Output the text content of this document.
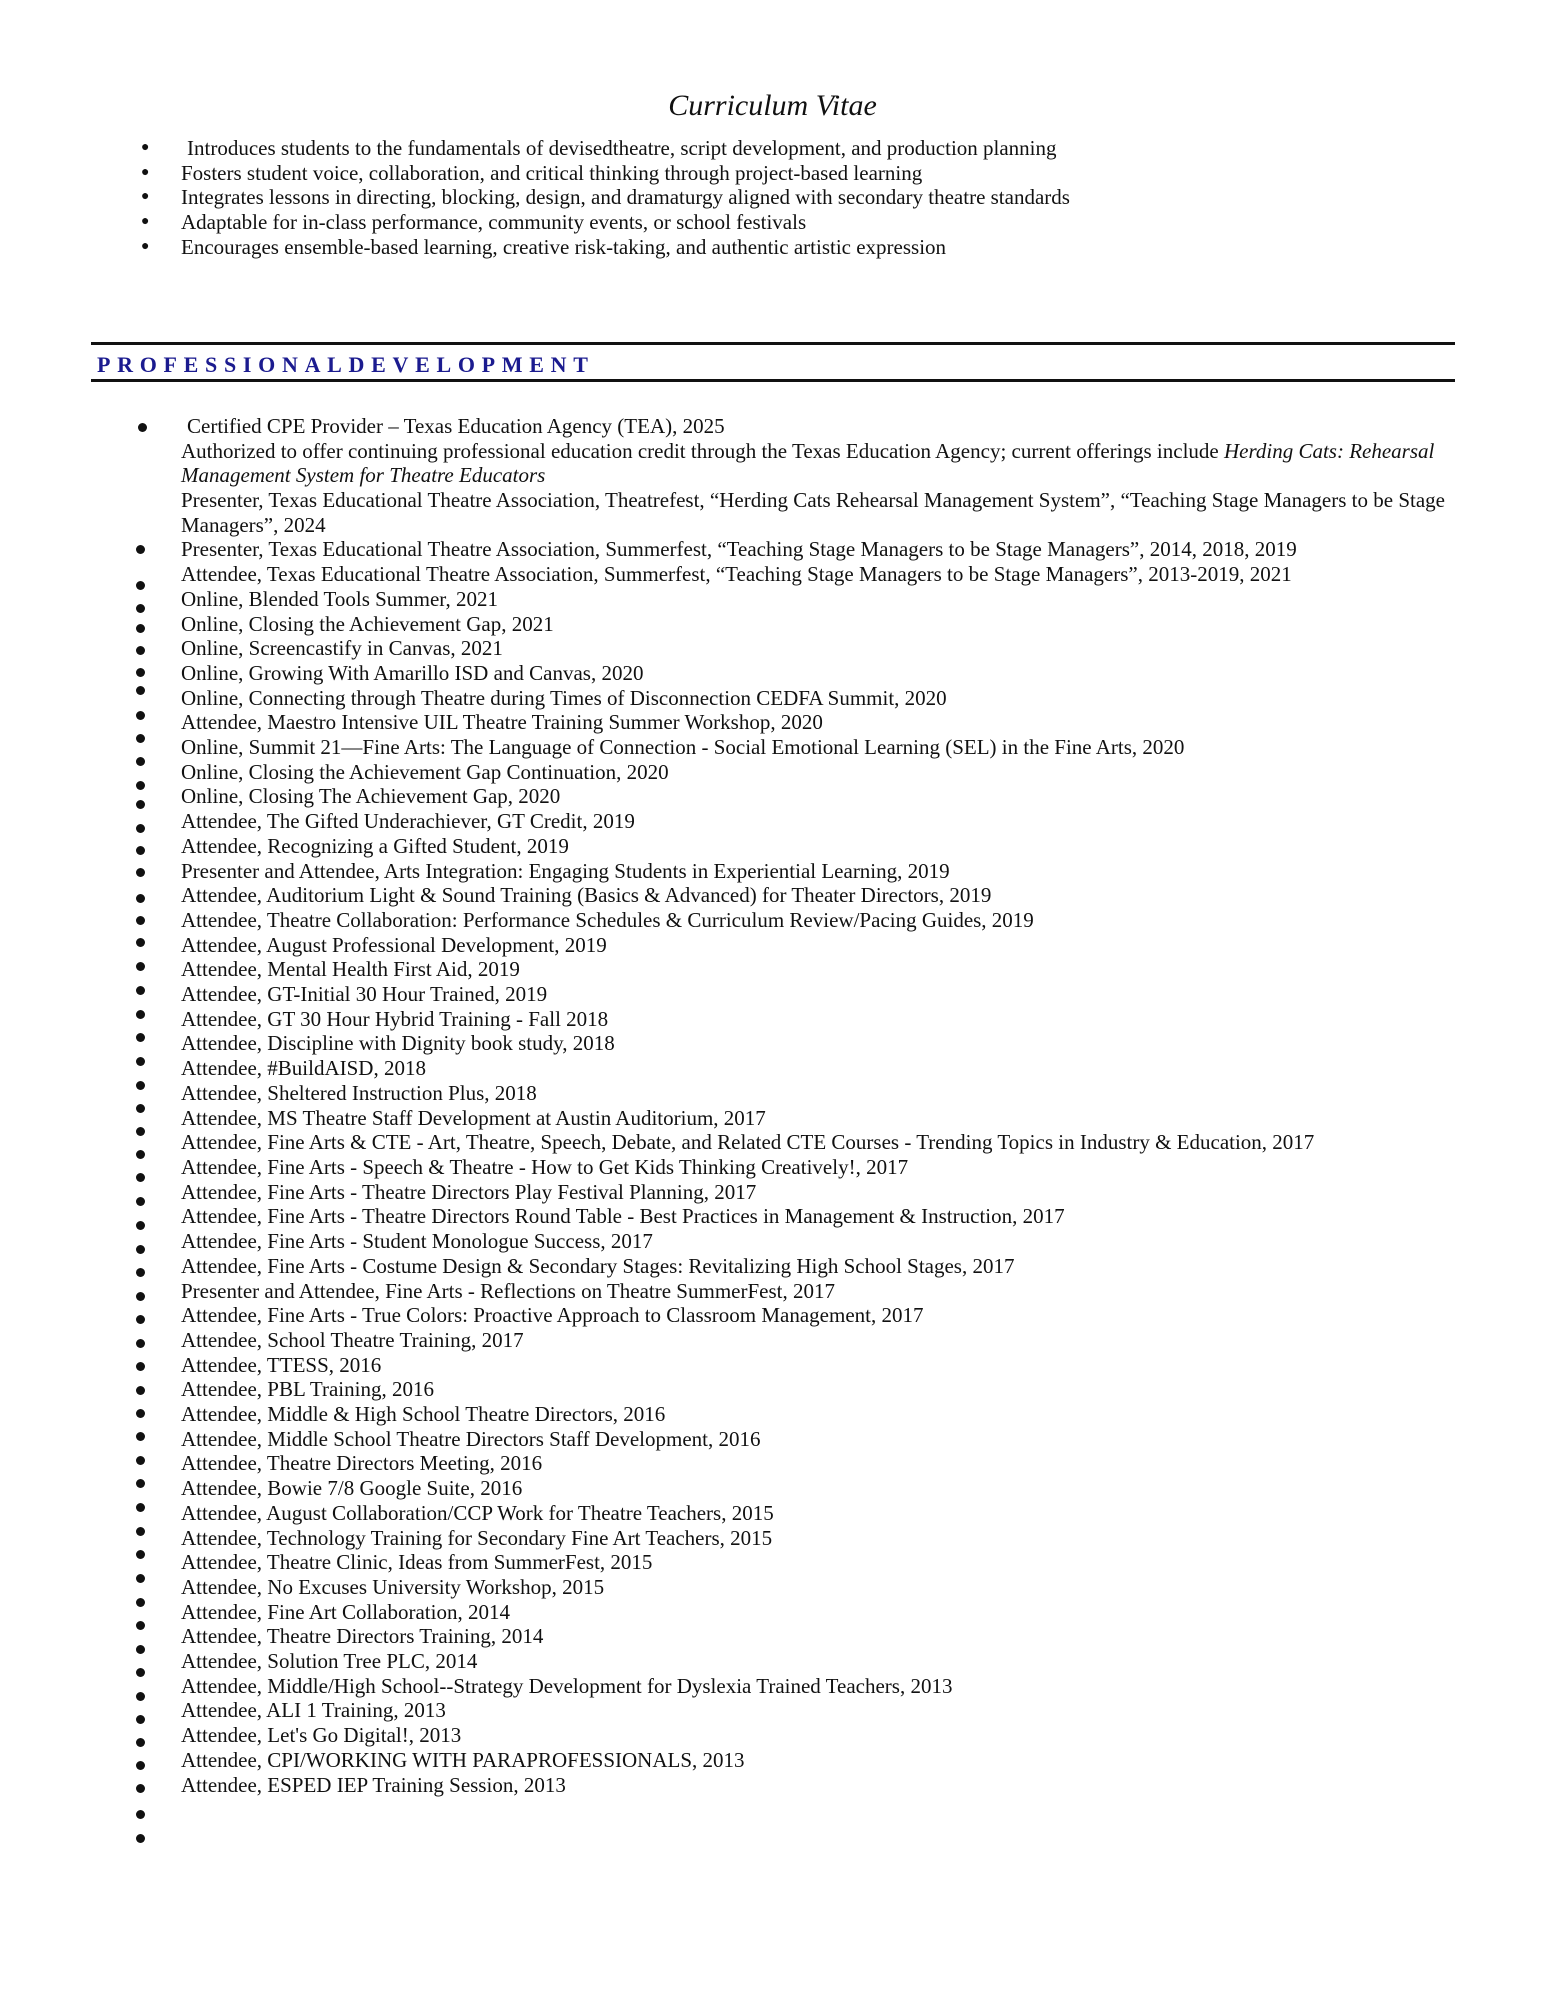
Curriculum Vitae
● Introduces students to the fundamentals of devisedtheatre, script development, and production planning
● Fosters student voice, collaboration, and critical thinking through project-based learning
● Integrates lessons in directing, blocking, design, and dramaturgy aligned with secondary theatre standards
● Adaptable for in-class performance, community events, or school festivals
● Encourages ensemble-based learning, creative risk-taking, and authentic artistic expression
PROFESSIONALDEVELOPMENT
Certified CPE Provider – Texas Education Agency (TEA), 2025
Authorized to offer continuing professional education credit through the Texas Education Agency; current offerings include Herding Cats: Rehearsal Management System for Theatre Educators
Presenter, Texas Educational Theatre Association, Theatrefest, “Herding Cats Rehearsal Management System”, “Teaching Stage Managers to be Stage Managers”, 2024
Presenter, Texas Educational Theatre Association, Summerfest, “Teaching Stage Managers to be Stage Managers”, 2014, 2018, 2019
Attendee, Texas Educational Theatre Association, Summerfest, “Teaching Stage Managers to be Stage Managers”, 2013-2019, 2021
Online, Blended Tools Summer, 2021
Online, Closing the Achievement Gap, 2021
Online, Screencastify in Canvas, 2021
Online, Growing With Amarillo ISD and Canvas, 2020
Online, Connecting through Theatre during Times of Disconnection CEDFA Summit, 2020
Attendee, Maestro Intensive UIL Theatre Training Summer Workshop, 2020
Online, Summit 21—Fine Arts: The Language of Connection - Social Emotional Learning (SEL) in the Fine Arts, 2020
Online, Closing the Achievement Gap Continuation, 2020
Online, Closing The Achievement Gap, 2020
Attendee, The Gifted Underachiever, GT Credit, 2019
Attendee, Recognizing a Gifted Student, 2019
Presenter and Attendee, Arts Integration: Engaging Students in Experiential Learning, 2019
Attendee, Auditorium Light & Sound Training (Basics & Advanced) for Theater Directors, 2019
Attendee, Theatre Collaboration: Performance Schedules & Curriculum Review/Pacing Guides, 2019
Attendee, August Professional Development, 2019
Attendee, Mental Health First Aid, 2019
Attendee, GT-Initial 30 Hour Trained, 2019
Attendee, GT 30 Hour Hybrid Training - Fall 2018
Attendee, Discipline with Dignity book study, 2018
Attendee, #BuildAISD, 2018
Attendee, Sheltered Instruction Plus, 2018
Attendee, MS Theatre Staff Development at Austin Auditorium, 2017
Attendee, Fine Arts & CTE - Art, Theatre, Speech, Debate, and Related CTE Courses - Trending Topics in Industry & Education, 2017
Attendee, Fine Arts - Speech & Theatre - How to Get Kids Thinking Creatively!, 2017
Attendee, Fine Arts - Theatre Directors Play Festival Planning, 2017
Attendee, Fine Arts - Theatre Directors Round Table - Best Practices in Management & Instruction, 2017
Attendee, Fine Arts - Student Monologue Success, 2017
Attendee, Fine Arts - Costume Design & Secondary Stages: Revitalizing High School Stages, 2017
Presenter and Attendee, Fine Arts - Reflections on Theatre SummerFest, 2017
Attendee, Fine Arts - True Colors: Proactive Approach to Classroom Management, 2017
Attendee, School Theatre Training, 2017
Attendee, TTESS, 2016
Attendee, PBL Training, 2016
Attendee, Middle & High School Theatre Directors, 2016
Attendee, Middle School Theatre Directors Staff Development, 2016
Attendee, Theatre Directors Meeting, 2016
Attendee, Bowie 7/8 Google Suite, 2016
Attendee, August Collaboration/CCP Work for Theatre Teachers, 2015
Attendee, Technology Training for Secondary Fine Art Teachers, 2015
Attendee, Theatre Clinic, Ideas from SummerFest, 2015
Attendee, No Excuses University Workshop, 2015
Attendee, Fine Art Collaboration, 2014
Attendee, Theatre Directors Training, 2014
Attendee, Solution Tree PLC, 2014
Attendee, Middle/High School--Strategy Development for Dyslexia Trained Teachers, 2013
Attendee, ALI 1 Training, 2013
Attendee, Let's Go Digital!, 2013
Attendee, CPI/WORKING WITH PARAPROFESSIONALS, 2013
Attendee, ESPED IEP Training Session, 2013
